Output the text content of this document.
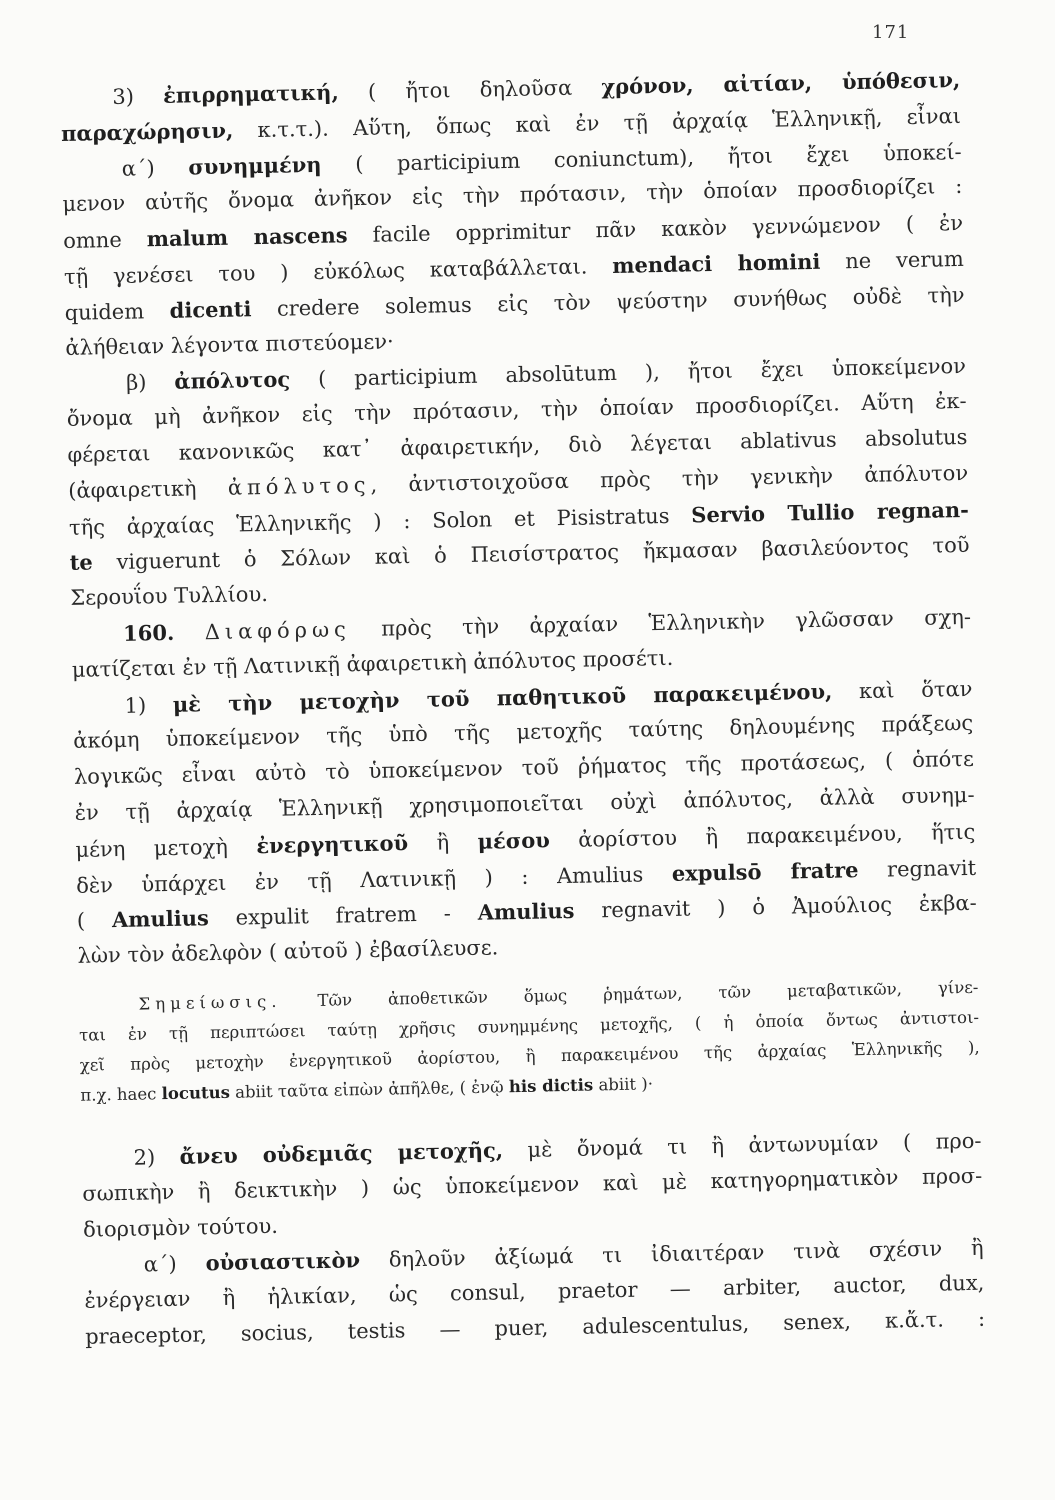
171
3) ἐπιρρηματική, ( ἤτοι δηλοῦσα χρόνον, αἰτίαν, ὑπόθεσιν,
παραχώρησιν, κ.τ.τ.). Αὕτη, ὅπως καὶ ἐν τῇ ἀρχαίᾳ Ἑλληνικῇ, εἶναι
α´) συνημμένη ( participium coniunctum), ἤτοι ἔχει ὑποκεί-
μενον αὐτῆς ὄνομα ἀνῆκον εἰς τὴν πρότασιν, τὴν ὁποίαν προσδιορίζει :
omne malum nascens facile opprimitur πᾶν κακὸν γεννώμενον ( ἐν
τῇ γενέσει του ) εὐκόλως καταβάλλεται. mendaci homini ne verum
quidem dicenti credere solemus εἰς τὸν ψεύστην συνήθως οὐδὲ τὴν
ἀλήθειαν λέγοντα πιστεύομεν·
β) ἀπόλυτος ( participium absolūtum ), ἤτοι ἔχει ὑποκείμενον
ὄνομα μὴ ἀνῆκον εἰς τὴν πρότασιν, τὴν ὁποίαν προσδιορίζει. Αὕτη ἐκ-
φέρεται κανονικῶς κατ᾽ ἀφαιρετικήν, διὸ λέγεται ablativus absolutus
(ἀφαιρετικὴ ἀπόλυτος, ἀντιστοιχοῦσα πρὸς τὴν γενικὴν ἀπόλυτον
τῆς ἀρχαίας Ἑλληνικῆς ) : Solon et Pisistratus Servio Tullio regnan-
te viguerunt ὁ Σόλων καὶ ὁ Πεισίστρατος ἤκμασαν βασιλεύοντος τοῦ
Σερουΐου Τυλλίου.
160. Διαφόρως πρὸς τὴν ἀρχαίαν Ἑλληνικὴν γλῶσσαν σχη-
ματίζεται ἐν τῇ Λατινικῇ ἀφαιρετικὴ ἀπόλυτος προσέτι.
1) μὲ τὴν μετοχὴν τοῦ παθητικοῦ παρακειμένου, καὶ ὅταν
ἀκόμη ὑποκείμενον τῆς ὑπὸ τῆς μετοχῆς ταύτης δηλουμένης πράξεως
λογικῶς εἶναι αὐτὸ τὸ ὑποκείμενον τοῦ ῥήματος τῆς προτάσεως, ( ὁπότε
ἐν τῇ ἀρχαίᾳ Ἑλληνικῇ χρησιμοποιεῖται οὐχὶ ἀπόλυτος, ἀλλὰ συνημ-
μένη μετοχὴ ἐνεργητικοῦ ἢ μέσου ἀορίστου ἢ παρακειμένου, ἥτις
δὲν ὑπάρχει ἐν τῇ Λατινικῇ ) : Amulius expulsō fratre regnavit
( Amulius expulit fratrem - Amulius regnavit ) ὁ Ἀμούλιος ἐκβα-
λὼν τὸν ἀδελφὸν ( αὐτοῦ ) ἐβασίλευσε.
Σημείωσις. Τῶν ἀποθετικῶν ὅμως ῥημάτων, τῶν μεταβατικῶν, γίνε-
ται ἐν τῇ περιπτώσει ταύτῃ χρῆσις συνημμένης μετοχῆς, ( ἡ ὁποία ὄντως ἀντιστοι-
χεῖ πρὸς μετοχὴν ἐνεργητικοῦ ἀορίστου, ἢ παρακειμένου τῆς ἀρχαίας Ἑλληνικῆς ),
π.χ. haec locutus abiit ταῦτα εἰπὼν ἀπῆλθε, ( ἐνῷ his dictis abiit )·
2) ἄνευ οὐδεμιᾶς μετοχῆς, μὲ ὄνομά τι ἢ ἀντωνυμίαν ( προ-
σωπικὴν ἢ δεικτικὴν ) ὡς ὑποκείμενον καὶ μὲ κατηγορηματικὸν προσ-
διορισμὸν τούτου.
α´) οὐσιαστικὸν δηλοῦν ἀξίωμά τι ἰδιαιτέραν τινὰ σχέσιν ἢ
ἐνέργειαν ἢ ἡλικίαν, ὡς consul, praetor — arbiter, auctor, dux,
praeceptor, socius, testis — puer, adulescentulus, senex, κ.ἄ.τ. :
